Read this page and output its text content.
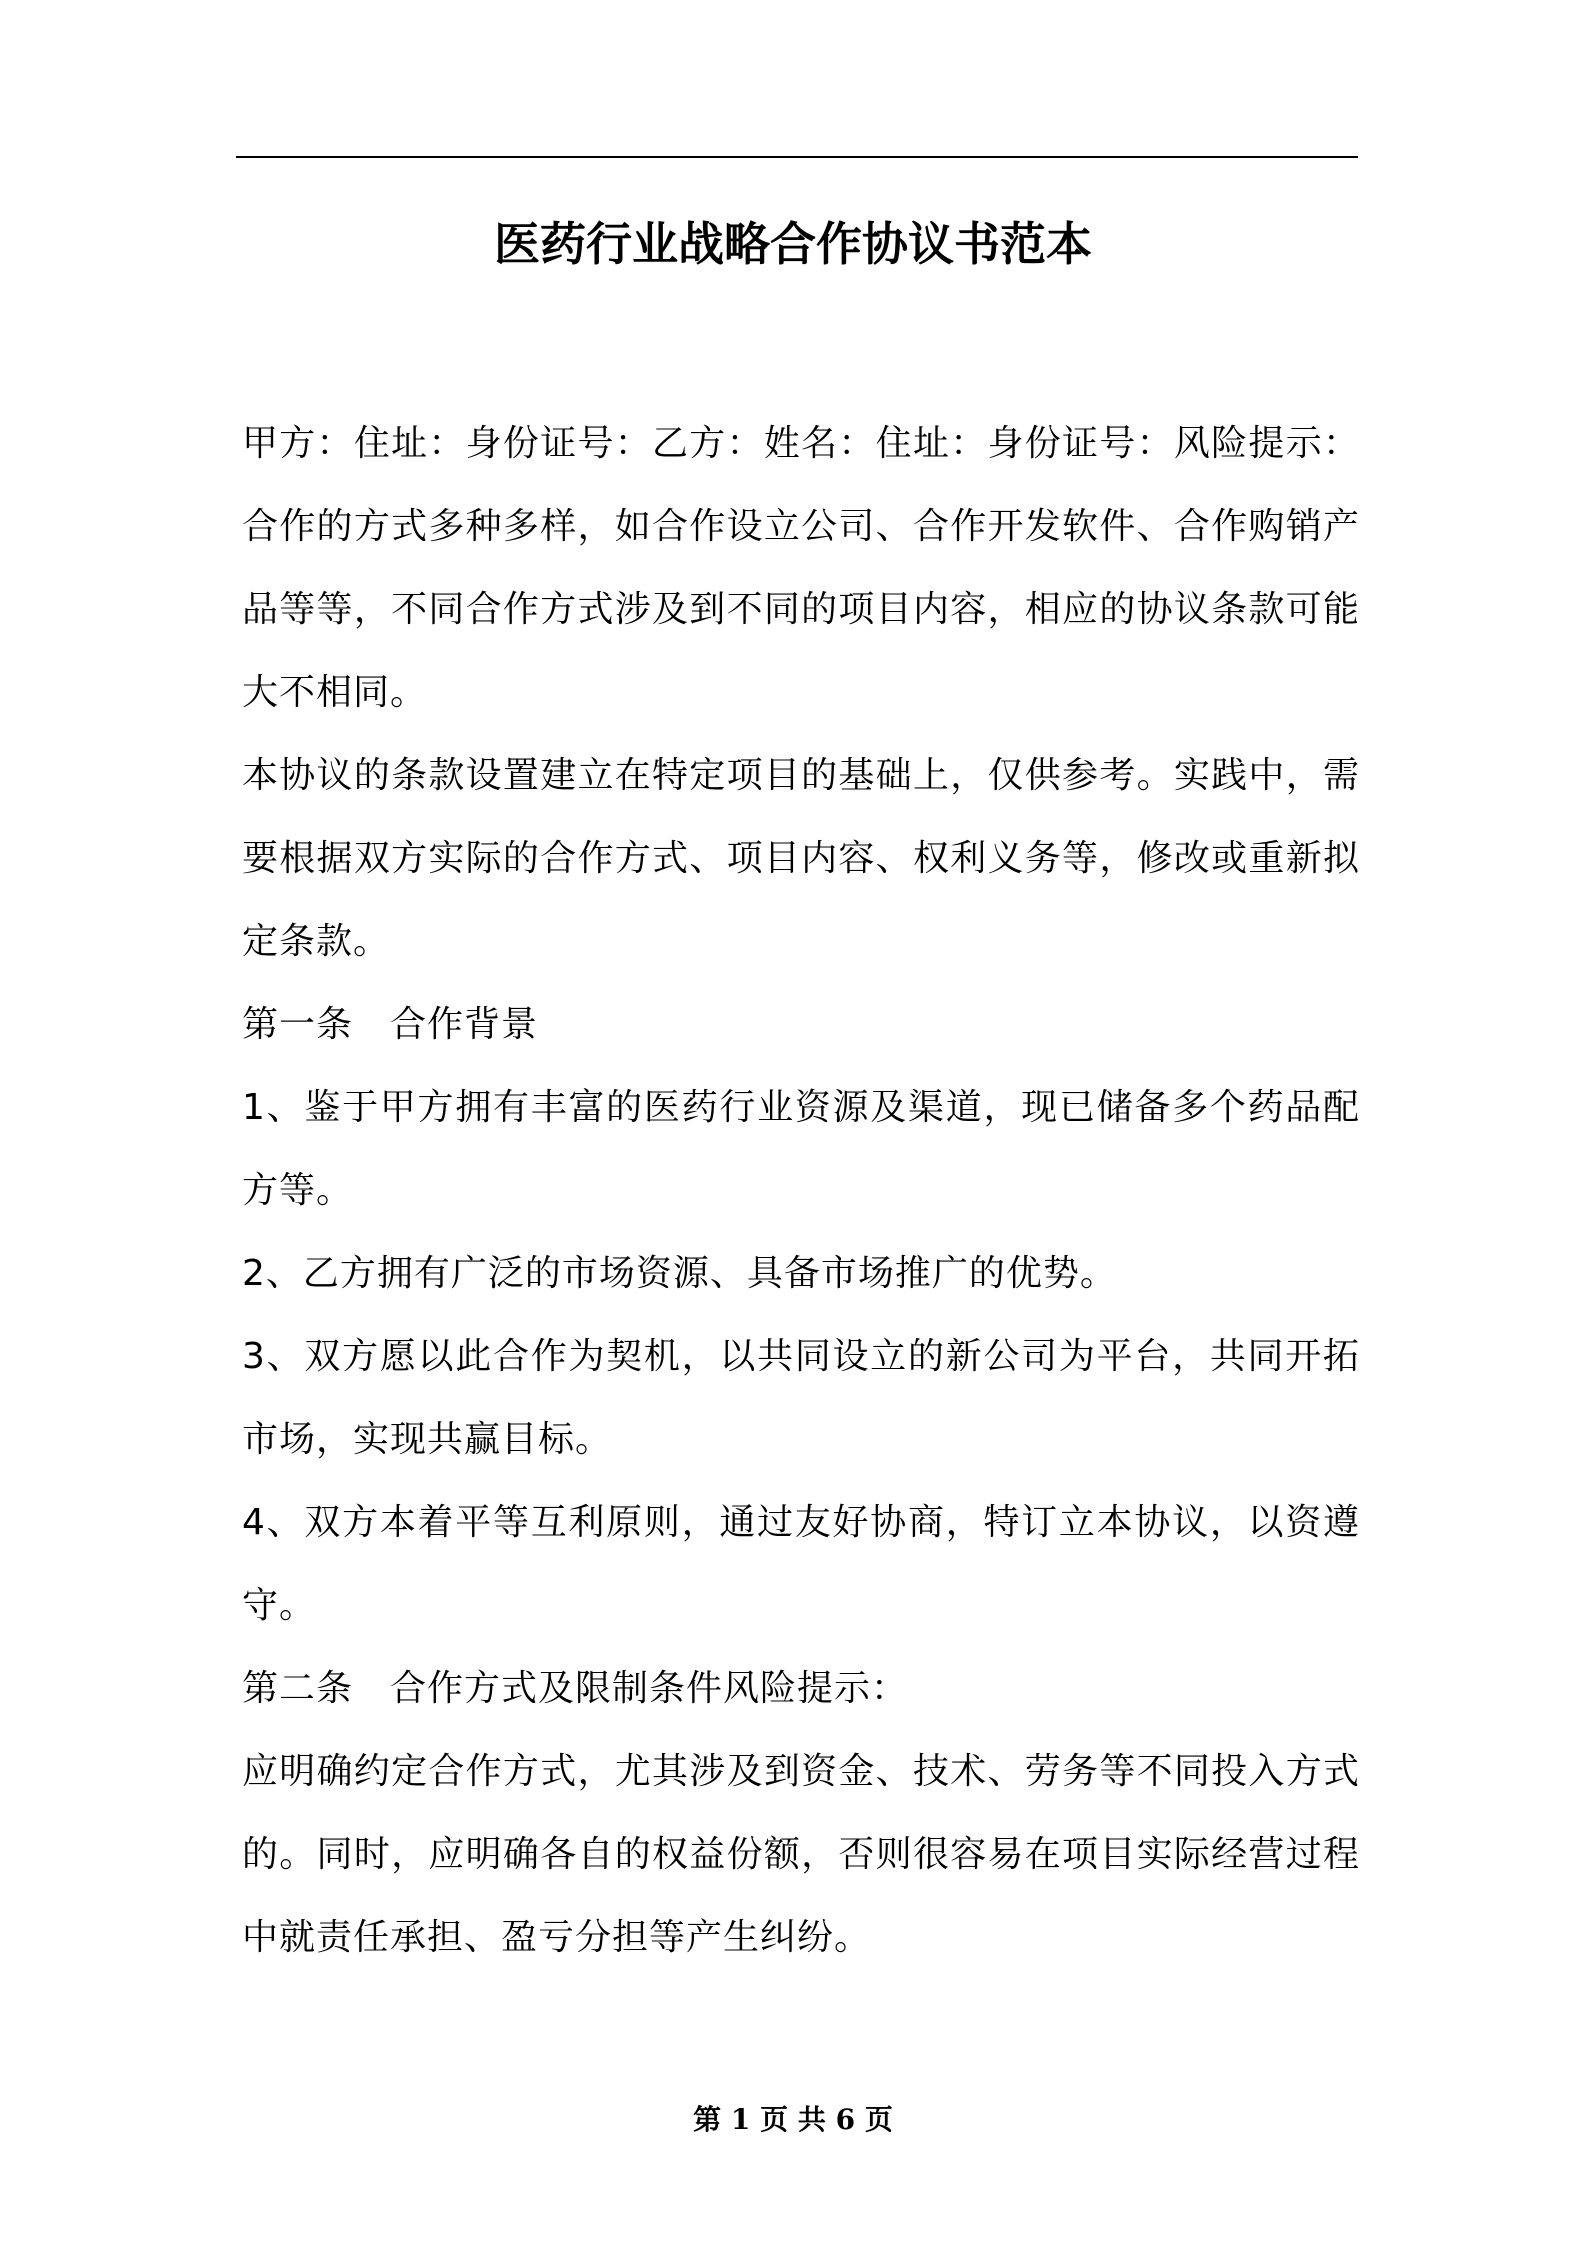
医药行业战略合作协议书范本

甲方：住址：身份证号：乙方：姓名：住址：身份证号：风险提示：合作的方式多种多样，如合作设立公司、合作开发软件、合作购销产品等等，不同合作方式涉及到不同的项目内容，相应的协议条款可能大不相同。

本协议的条款设置建立在特定项目的基础上，仅供参考。实践中，需要根据双方实际的合作方式、项目内容、权利义务等，修改或重新拟定条款。

第一条　合作背景

1、鉴于甲方拥有丰富的医药行业资源及渠道，现已储备多个药品配方等。

2、乙方拥有广泛的市场资源、具备市场推广的优势。

3、双方愿以此合作为契机，以共同设立的新公司为平台，共同开拓市场，实现共赢目标。

4、双方本着平等互利原则，通过友好协商，特订立本协议，以资遵守。

第二条　合作方式及限制条件风险提示：

应明确约定合作方式，尤其涉及到资金、技术、劳务等不同投入方式的。同时，应明确各自的权益份额，否则很容易在项目实际经营过程中就责任承担、盈亏分担等产生纠纷。

第 1 页 共 6 页
